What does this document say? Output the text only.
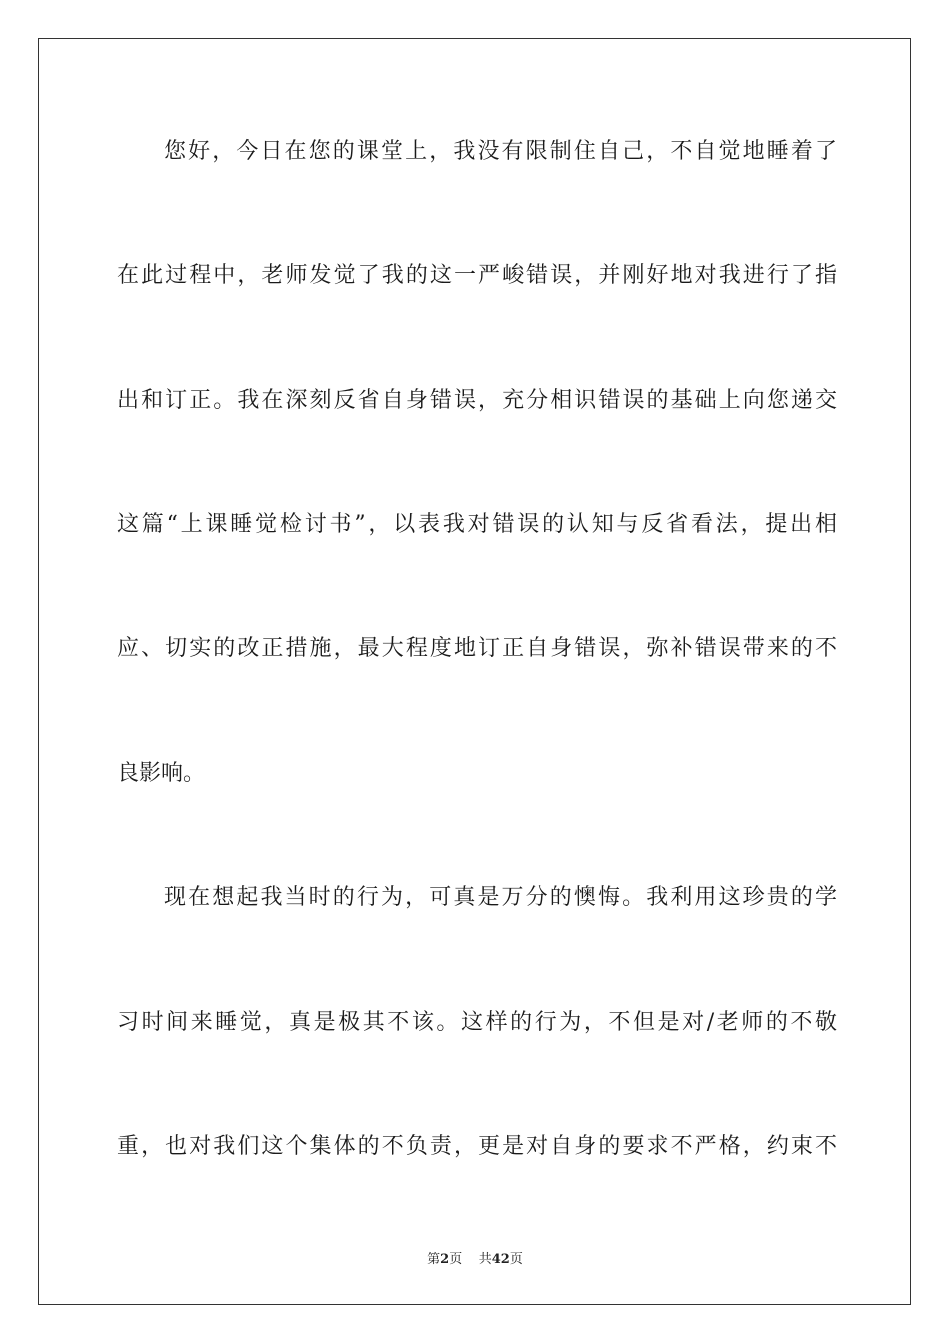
您好，今日在您的课堂上，我没有限制住自己，不自觉地睡着了
在此过程中，老师发觉了我的这一严峻错误，并刚好地对我进行了指
出和订正。我在深刻反省自身错误，充分相识错误的基础上向您递交
这篇“上课睡觉检讨书”，以表我对错误的认知与反省看法，提出相
应、切实的改正措施，最大程度地订正自身错误，弥补错误带来的不
良影响。
现在想起我当时的行为，可真是万分的懊悔。我利用这珍贵的学
习时间来睡觉，真是极其不该。这样的行为，不但是对/老师的不敬
重，也对我们这个集体的不负责，更是对自身的要求不严格，约束不
第2页 共42页
